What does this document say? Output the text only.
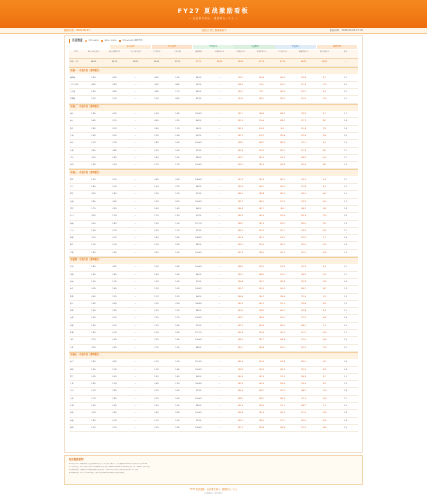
FY27 夏战激励看板
— 以结果为导向 · 激励到每一个人 —
数据日期：2026-06-07	【夏战大区】数据更新中	更新时间：2026-06-08 17:30
区县维度	达成<80%	80%~100%	达成≥100% 超额奖励
达成进度	增长进度	目标完成	上量激励	增量收入	超额奖励
区县	累计目标完成率	累计同期增长率	当月目标完成率	当月增长率	日均上量	激励系数	本期收入(万)	上期收入(万)	环比增长(万)	上月收入(万)	超额奖励(万)	累计奖励(万)	排名
整体 · 合计	98.4%	96.1%	95.8%	93.4%	97.2%	97.1%	98.4%	95.8%	97.1%	97.2%	98.4%	95.8%	—
区域一 · 市县片区（第1批次）
梅陇镇	1.8%	0.9%	—	4.0%	1.5%	80.0%	—	205.1	180.0	190.0	130.4	8.7	1.2
莘庄工业园	4.6%	2.8%	—	0.0%	4.6%	95.2%	—	188.0	90.0	190.1	113.4	17.0	2.0
吴泾镇	1.4%	5.8%	—	3.8%	1.7%	80.0%	—	183.1	87.7	180.9	130.7	8.9	1.5
华漕镇	1.5%	1.3%	—	1.3%	4.5%	83.3%	—	180.5	183.1	163.2	120.9	11.0	1.2
区域二 · 市县片区（第2批次）
浦东	1.8%	0.9%	—	1.0%	1.8%	100.0%	—	281.1	188.9	188.5	118.9	8.1	1.1
嘉定	3.6%	5.1%	—	4.0%	2.2%	94.0%	—	283.5	276.6	188.2	217.9	18.7	2.4
松江	1.8%	3.1%	—	1.6%	1.1%	96.0%	—	285.2	235.9	95.1	123.4	11.1	1.6
青浦	1.4%	2.3%	—	1.3%	1.6%	93.0%	—	281.3	276.1	130.8	215.8	15.4	2.0
闵行	1.5%	1.9%	—	1.8%	1.6%	100.0%	—	188.3	288.1	188.9	175.2	8.3	1.3
奉贤	2.6%	3.4%	—	1.5%	1.4%	93.3%	—	285.8	180.3	193.7	117.8	16.1	1.7
金山	2.0%	1.8%	—	1.4%	1.9%	98.0%	—	282.2	281.3	116.9	208.0	10.0	1.1
崇明	1.4%	1.9%	—	1.1%	1.7%	100.0%	—	183.1	185.9	163.8	160.6	14.1	1.9
区域三 · 市县片区（第3批次）
静安	1.9%	2.2%	—	2.6%	2.0%	108.0%	—	287.9	181.4	187.5	135.9	9.4	1.2
长宁	1.8%	1.3%	—	1.0%	2.1%	98.0%	—	285.6	183.1	163.0	120.8	8.0	1.3
徐汇	3.5%	1.8%	—	1.3%	1.3%	97.0%	—	284.2	188.8	280.2	214.2	16.3	2.1
黄浦	2.8%	3.6%	—	1.5%	4.1%	100.0%	—	281.5	286.1	113.3	118.3	10.0	1.3
普陀	1.7%	2.9%	—	1.6%	1.6%	98.0%	—	284.0	281.7	98.2	168.1	14.9	1.8
虹口	3.3%	1.2%	—	1.1%	1.3%	97.0%	—	285.5	182.5	139.0	201.4	11.9	1.6
杨浦	2.0%	1.8%	—	1.3%	1.3%	111.7%	—	288.7	187.0	190.1	180.3	13.1	1.9
宝山	1.6%	1.5%	—	1.5%	1.7%	97.0%	—	286.5	183.3	157.1	176.3	13.5	1.7
临港	3.1%	2.1%	—	1.4%	1.4%	108.0%	—	282.8	281.1	118.0	210.5	9.1	1.4
张江	1.5%	1.5%	—	1.3%	1.4%	98.0%	—	285.1	180.3	163.1	190.3	12.0	1.6
金桥	1.8%	1.6%	—	2.0%	1.5%	100.0%	—	287.9	186.3	135.0	150.1	10.8	1.3
区域四 · 市县片区（第4批次）
川沙	1.8%	0.9%	—	1.3%	1.8%	100.0%	—	288.0	180.2	133.8	107.6	8.6	1.1
周浦	1.4%	1.8%	—	1.6%	1.4%	80.0%	—	283.1	288.3	130.1	208.5	12.5	1.7
惠南	1.5%	1.3%	—	1.5%	1.5%	97.0%	—	286.8	187.1	180.8	193.8	13.8	1.6
南汇	2.0%	1.8%	—	1.3%	1.9%	100.0%	—	285.7	183.5	160.5	183.1	14.7	1.9
祝桥	2.6%	1.2%	—	1.1%	1.3%	96.0%	—	284.6	180.7	138.4	170.3	11.2	1.5
航头	1.8%	3.0%	—	2.2%	2.0%	108.0%	—	283.2	281.3	131.0	118.4	10.3	1.3
新场	1.4%	1.6%	—	1.5%	1.5%	98.0%	—	289.0	188.5	166.2	190.8	8.8	1.2
宣桥	1.6%	1.5%	—	1.3%	1.7%	100.0%	—	283.1	186.0	116.1	113.3	10.4	1.4
老港	1.4%	1.5%	—	1.2%	1.4%	97.0%	—	281.5	283.9	183.5	186.1	9.5	1.3
泥城	1.8%	1.3%	—	1.3%	1.6%	111.7%	—	285.8	180.9	130.3	110.7	13.0	1.7
书院	2.7%	1.6%	—	1.3%	1.4%	100.0%	—	284.5	181.7	165.8	170.3	15.8	1.9
万祥	2.0%	1.4%	—	1.7%	1.5%	88.0%	—	282.1	186.4	156.7	153.5	11.6	1.5
区域五 · 市县片区（第5批次）
嘉兴	1.8%	0.9%	—	1.1%	1.5%	111.0%	—	285.3	180.0	126.8	180.1	13.2	1.6
湖州	1.4%	1.3%	—	1.2%	1.4%	100.0%	—	288.9	183.5	162.9	190.0	10.9	1.4
绍兴	2.5%	2.0%	—	1.5%	1.6%	98.0%	—	283.3	187.0	113.1	108.3	8.7	1.1
宁波	1.8%	1.3%	—	1.6%	1.3%	100.0%	—	282.3	181.0	138.0	176.3	15.1	1.9
舟山	1.5%	1.4%	—	1.2%	1.6%	97.0%	—	286.6	183.7	130.5	168.1	11.0	1.4
苏州	1.7%	1.8%	—	1.3%	1.4%	100.0%	—	288.3	182.1	168.0	175.3	12.4	1.7
无锡	1.6%	1.6%	—	1.5%	1.5%	98.0%	—	281.6	189.5	111.3	168.7	9.3	1.3
常州	2.0%	1.4%	—	1.6%	1.8%	100.0%	—	286.4	181.6	162.4	170.0	13.4	1.8
南通	1.8%	1.3%	—	1.2%	1.5%	97.0%	—	285.1	186.3	113.7	160.3	10.6	1.4
扬州	1.3%	1.5%	—	1.3%	1.4%	100.0%	—	287.5	180.6	158.6	113.3	14.6	1.9
相关数据说明
① 统计口径：数据来源于夏战系统日报表，按自然日累计；个人激励按区县维度计算并汇总至区域。
② 达成判定：累计目标完成率 ≥100% 视为达成，80%~100% 视为接近达成，低于 80% 为未达成。
③ 激励规则：超额部分按激励系数计提奖励，单区县单月奖励上限以最终审批口径为准。
④ 数据更新：每日 17:30 更新，如有疑问请联系区域运营负责人核对。
FY27 夏战激励 · 以结果为导向 · 激励到每一个人
内部资料 · 请勿外传
